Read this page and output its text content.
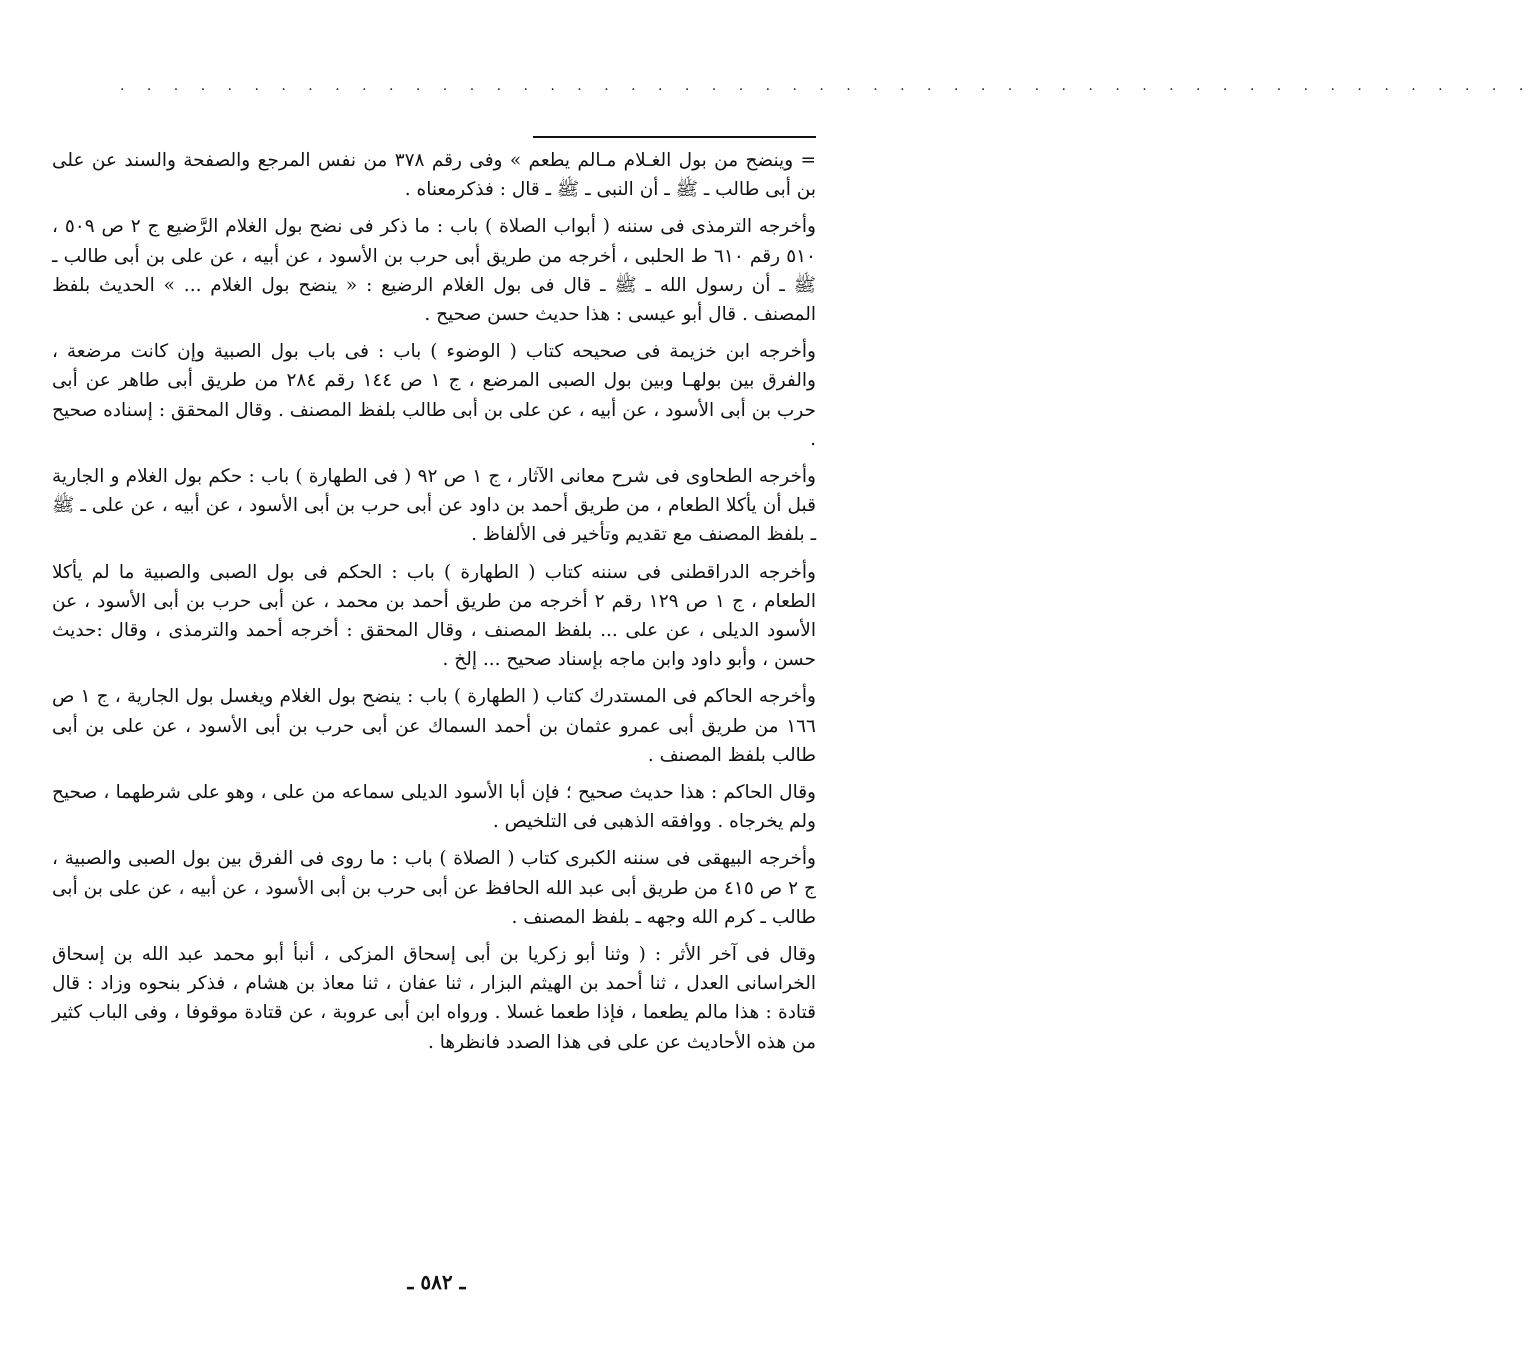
. . . . . . . . . . . . . . . . . . . . . . . . . . . . . . . . . . . . . . . . . . . . . . . . . . . . .

= وينضح من بول الغـلام مـالم يطعم » وفى رقم ٣٧٨ من نفس المرجع والصفحة والسند عن على بن أبى طالب ـ ﷺ ـ أن النبى ـ ﷺ ـ قال : فذكرمعناه .

وأخرجه الترمذى فى سننه ( أبواب الصلاة ) باب : ما ذكر فى نضح بول الغلام الرَّضيع ج ٢ ص ٥٠٩ ، ٥١٠ رقم ٦١٠ ط الحلبى ، أخرجه من طريق أبى حرب بن الأسود ، عن أبيه ، عن على بن أبى طالب ـ ﷺ ـ أن رسول الله ـ ﷺ ـ قال فى بول الغلام الرضيع : « ينضح بول الغلام ... » الحديث بلفظ المصنف . قال أبو عيسى : هذا حديث حسن صحيح .

وأخرجه ابن خزيمة فى صحيحه كتاب ( الوضوء ) باب : فى باب بول الصبية وإن كانت مرضعة ، والفرق بين بولهـا وبين بول الصبى المرضع ، ج ١ ص ١٤٤ رقم ٢٨٤ من طريق أبى طاهر عن أبى حرب بن أبى الأسود ، عن أبيه ، عن على بن أبى طالب بلفظ المصنف . وقال المحقق : إسناده صحيح .

وأخرجه الطحاوى فى شرح معانى الآثار ، ج ١ ص ٩٢ ( فى الطهارة ) باب : حكم بول الغلام و الجارية قبل أن يأكلا الطعام ، من طريق أحمد بن داود عن أبى حرب بن أبى الأسود ، عن أبيه ، عن على ـ ﷺ ـ بلفظ المصنف مع تقديم وتأخير فى الألفاظ .

وأخرجه الدراقطنى فى سننه كتاب ( الطهارة ) باب : الحكم فى بول الصبى والصبية ما لم يأكلا الطعام ، ج ١ ص ١٢٩ رقم ٢ أخرجه من طريق أحمد بن محمد ، عن أبى حرب بن أبى الأسود ، عن الأسود الديلى ، عن على ... بلفظ المصنف ، وقال المحقق : أخرجه أحمد والترمذى ، وقال :حديث حسن ، وأبو داود وابن ماجه بإسناد صحيح ... إلخ .

وأخرجه الحاكم فى المستدرك كتاب ( الطهارة ) باب : ينضح بول الغلام ويغسل بول الجارية ، ج ١ ص ١٦٦ من طريق أبى عمرو عثمان بن أحمد السماك عن أبى حرب بن أبى الأسود ، عن على بن أبى طالب بلفظ المصنف .

وقال الحاكم : هذا حديث صحيح ؛ فإن أبا الأسود الديلى سماعه من على ، وهو على شرطهما ، صحيح ولم يخرجاه . ووافقه الذهبى فى التلخيص .

وأخرجه البيهقى فى سننه الكبرى كتاب ( الصلاة ) باب : ما روى فى الفرق بين بول الصبى والصبية ، ج ٢ ص ٤١٥ من طريق أبى عبد الله الحافظ عن أبى حرب بن أبى الأسود ، عن أبيه ، عن على بن أبى طالب ـ كرم الله وجهه ـ بلفظ المصنف .

وقال فى آخر الأثر : ( وثنا أبو زكريا بن أبى إسحاق المزكى ، أنبأ أبو محمد عبد الله بن إسحاق الخراسانى العدل ، ثنا أحمد بن الهيثم البزار ، ثنا عفان ، ثنا معاذ بن هشام ، فذكر بنحوه وزاد : قال قتادة : هذا مالم يطعما ، فإذا طعما غسلا . ورواه ابن أبى عروبة ، عن قتادة موقوفا ، وفى الباب كثير من هذه الأحاديث عن على فى هذا الصدد فانظرها .

ـ ٥٨٢ ـ
